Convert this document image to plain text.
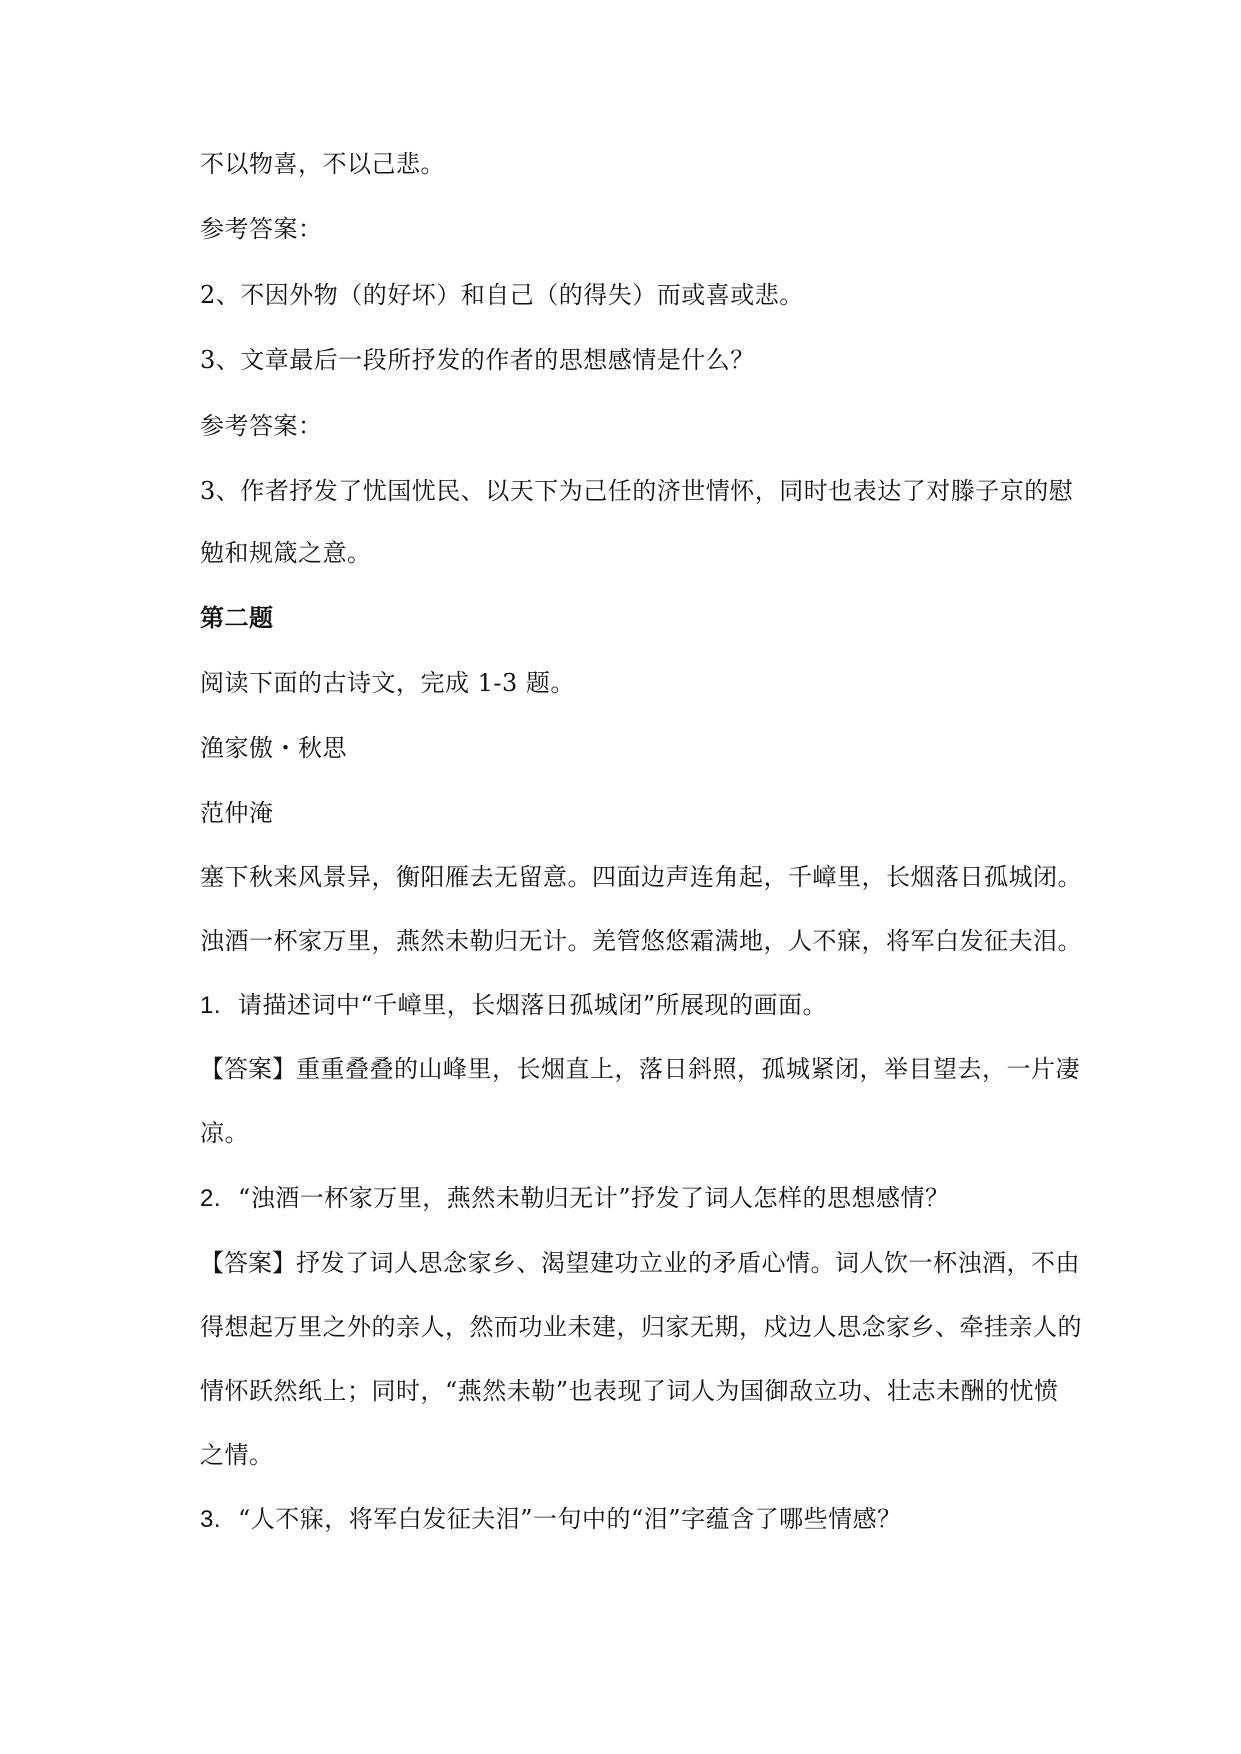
不以物喜，不以己悲。
参考答案：
2、不因外物（的好坏）和自己（的得失）而或喜或悲。
3、文章最后一段所抒发的作者的思想感情是什么？
参考答案：
3、作者抒发了忧国忧民、以天下为己任的济世情怀，同时也表达了对滕子京的慰
勉和规箴之意。
第二题
阅读下面的古诗文，完成 1-3 题。
渔家傲・秋思
范仲淹
塞下秋来风景异，衡阳雁去无留意。四面边声连角起，千嶂里，长烟落日孤城闭。
浊酒一杯家万里，燕然未勒归无计。羌管悠悠霜满地，人不寐，将军白发征夫泪。
1. 请描述词中“千嶂里，长烟落日孤城闭”所展现的画面。
【答案】重重叠叠的山峰里，长烟直上，落日斜照，孤城紧闭，举目望去，一片凄
凉。
2. “浊酒一杯家万里，燕然未勒归无计”抒发了词人怎样的思想感情？
【答案】抒发了词人思念家乡、渴望建功立业的矛盾心情。词人饮一杯浊酒，不由
得想起万里之外的亲人，然而功业未建，归家无期，戍边人思念家乡、牵挂亲人的
情怀跃然纸上；同时，“燕然未勒”也表现了词人为国御敌立功、壮志未酬的忧愤
之情。
3. “人不寐，将军白发征夫泪”一句中的“泪”字蕴含了哪些情感？
